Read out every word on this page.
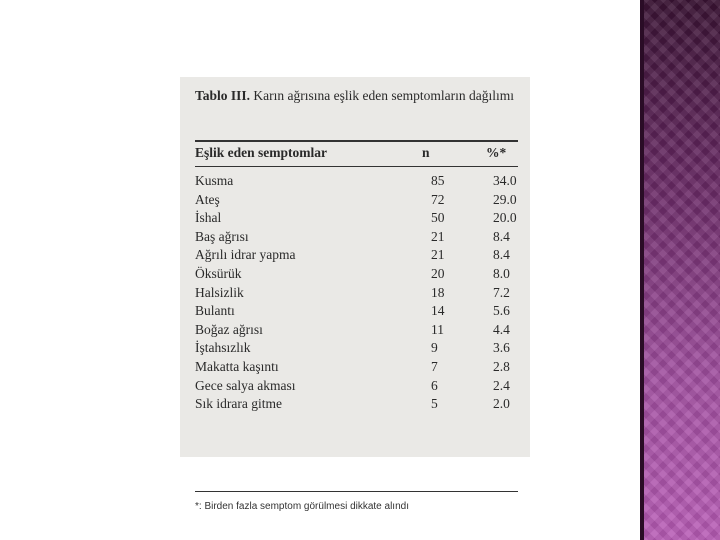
Tablo III. Karın ağrısına eşlik eden semptomların dağılımı
Eşlik eden semptomlar	n	%*
Kusma	85	34.0
Ateş	72	29.0
İshal	50	20.0
Baş ağrısı	21	8.4
Ağrılı idrar yapma	21	8.4
Öksürük	20	8.0
Halsizlik	18	7.2
Bulantı	14	5.6
Boğaz ağrısı	11	4.4
İştahsızlık	9	3.6
Makatta kaşıntı	7	2.8
Gece salya akması	6	2.4
Sık idrara gitme	5	2.0
*: Birden fazla semptom görülmesi dikkate alındı
